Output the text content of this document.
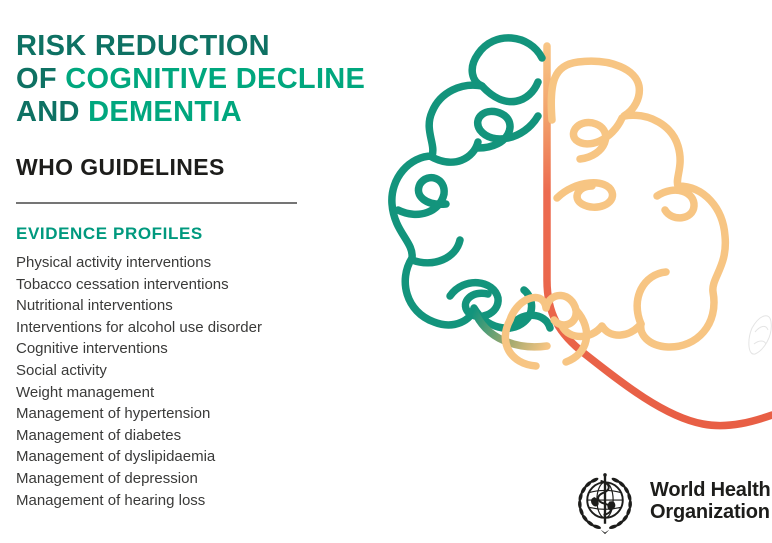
RISK REDUCTION
OF COGNITIVE DECLINE
AND DEMENTIA
WHO GUIDELINES
EVIDENCE PROFILES
Physical activity interventions
Tobacco cessation interventions
Nutritional interventions
Interventions for alcohol use disorder
Cognitive interventions
Social activity
Weight management
Management of hypertension
Management of diabetes
Management of dyslipidaemia
Management of depression
Management of hearing loss	World Health
Organization
